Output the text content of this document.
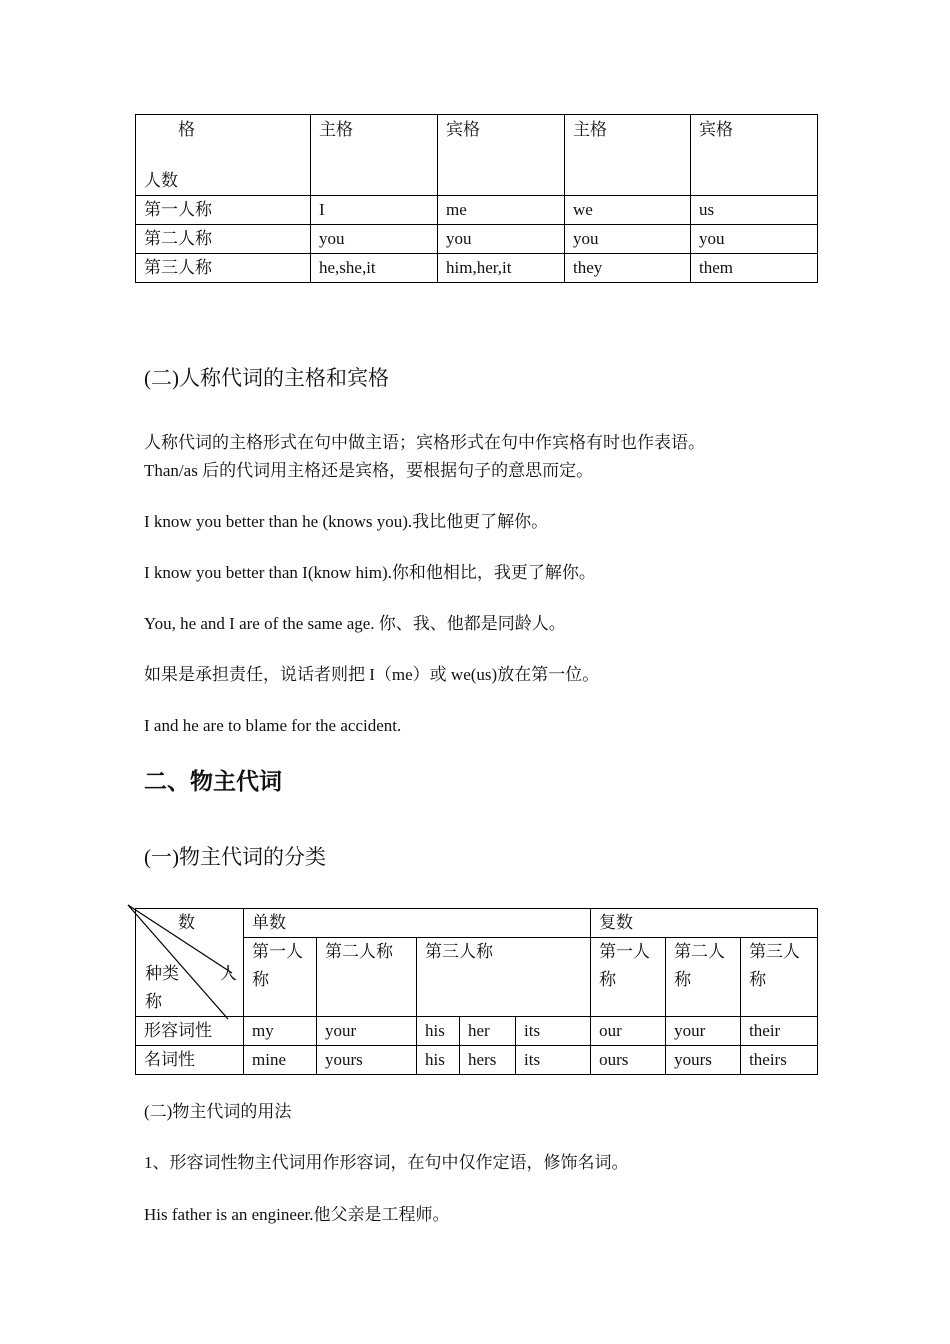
格
人数	主格	宾格	主格	宾格
第一人称	I	me	we	us
第二人称	you	you	you	you
第三人称	he,she,it	him,her,it	they	them
(二)人称代词的主格和宾格
人称代词的主格形式在句中做主语；宾格形式在句中作宾格有时也作表语。
Than/as 后的代词用主格还是宾格，要根据句子的意思而定。
I know you better than he (knows you).我比他更了解你。
I know you better than I(know him).你和他相比，我更了解你。
You, he and I are of the same age. 你、我、他都是同龄人。
如果是承担责任，说话者则把 I（me）或 we(us)放在第一位。
I and he are to blame for the accident.
二、物主代词
(一)物主代词的分类
数
种类 人
称	单数					复数		
	第一人称	第二人称	第三人称			第一人称	第二人称	第三人称
形容词性	my	your	his	her	its	our	your	their
名词性	mine	yours	his	hers	its	ours	yours	theirs
(二)物主代词的用法
1、形容词性物主代词用作形容词，在句中仅作定语，修饰名词。
His father is an engineer.他父亲是工程师。
